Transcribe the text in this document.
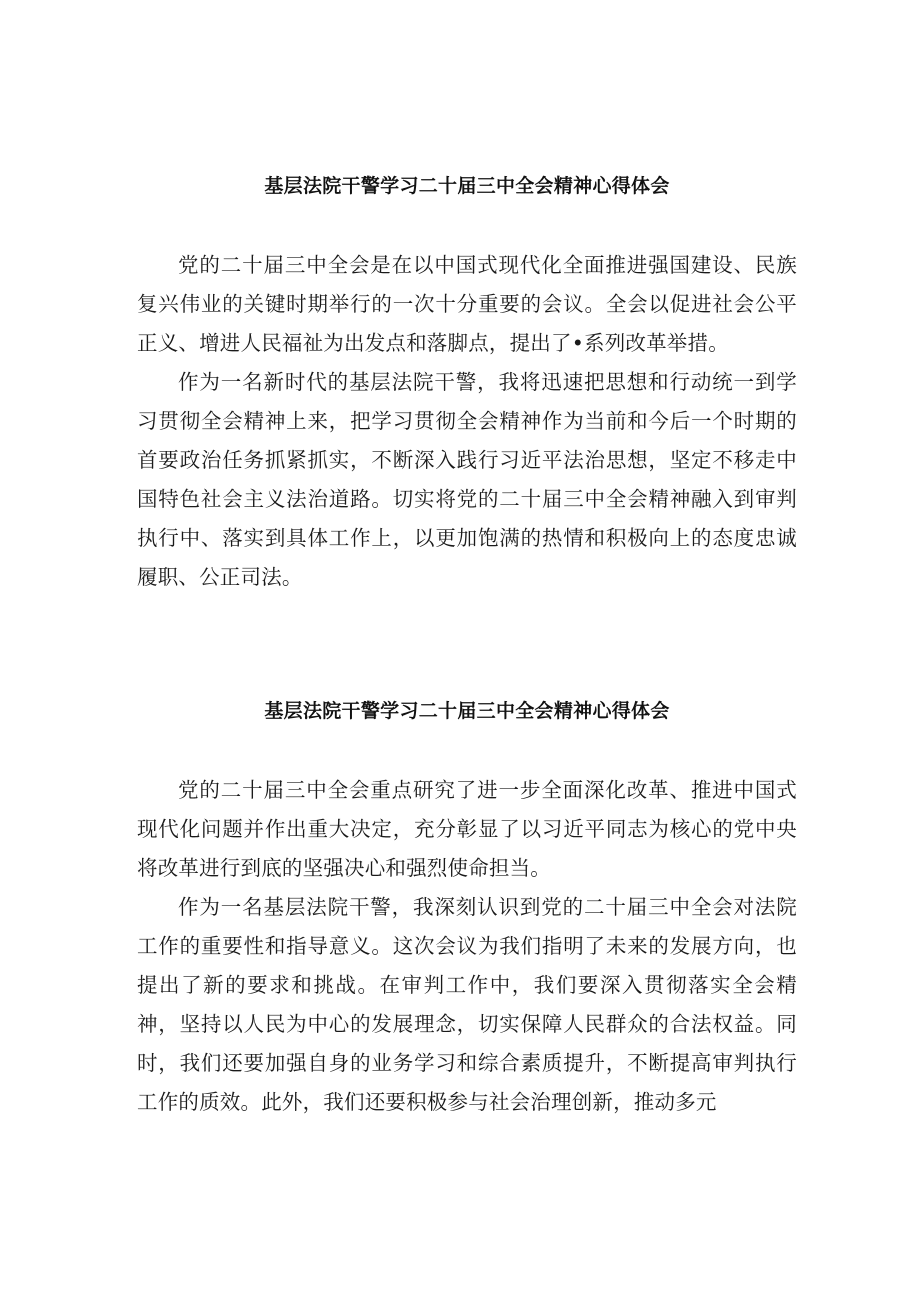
基层法院干警学习二十届三中全会精神心得体会

党的二十届三中全会是在以中国式现代化全面推进强国建设、民族复兴伟业的关键时期举行的一次十分重要的会议。全会以促进社会公平正义、增进人民福祉为出发点和落脚点，提出了•系列改革举措。

作为一名新时代的基层法院干警，我将迅速把思想和行动统一到学习贯彻全会精神上来，把学习贯彻全会精神作为当前和今后一个时期的首要政治任务抓紧抓实，不断深入践行习近平法治思想，坚定不移走中国特色社会主义法治道路。切实将党的二十届三中全会精神融入到审判执行中、落实到具体工作上，以更加饱满的热情和积极向上的态度忠诚履职、公正司法。

基层法院干警学习二十届三中全会精神心得体会

党的二十届三中全会重点研究了进一步全面深化改革、推进中国式现代化问题并作出重大决定，充分彰显了以习近平同志为核心的党中央将改革进行到底的坚强决心和强烈使命担当。

作为一名基层法院干警，我深刻认识到党的二十届三中全会对法院工作的重要性和指导意义。这次会议为我们指明了未来的发展方向，也提出了新的要求和挑战。在审判工作中，我们要深入贯彻落实全会精神，坚持以人民为中心的发展理念，切实保障人民群众的合法权益。同时，我们还要加强自身的业务学习和综合素质提升，不断提高审判执行工作的质效。此外，我们还要积极参与社会治理创新，推动多元
